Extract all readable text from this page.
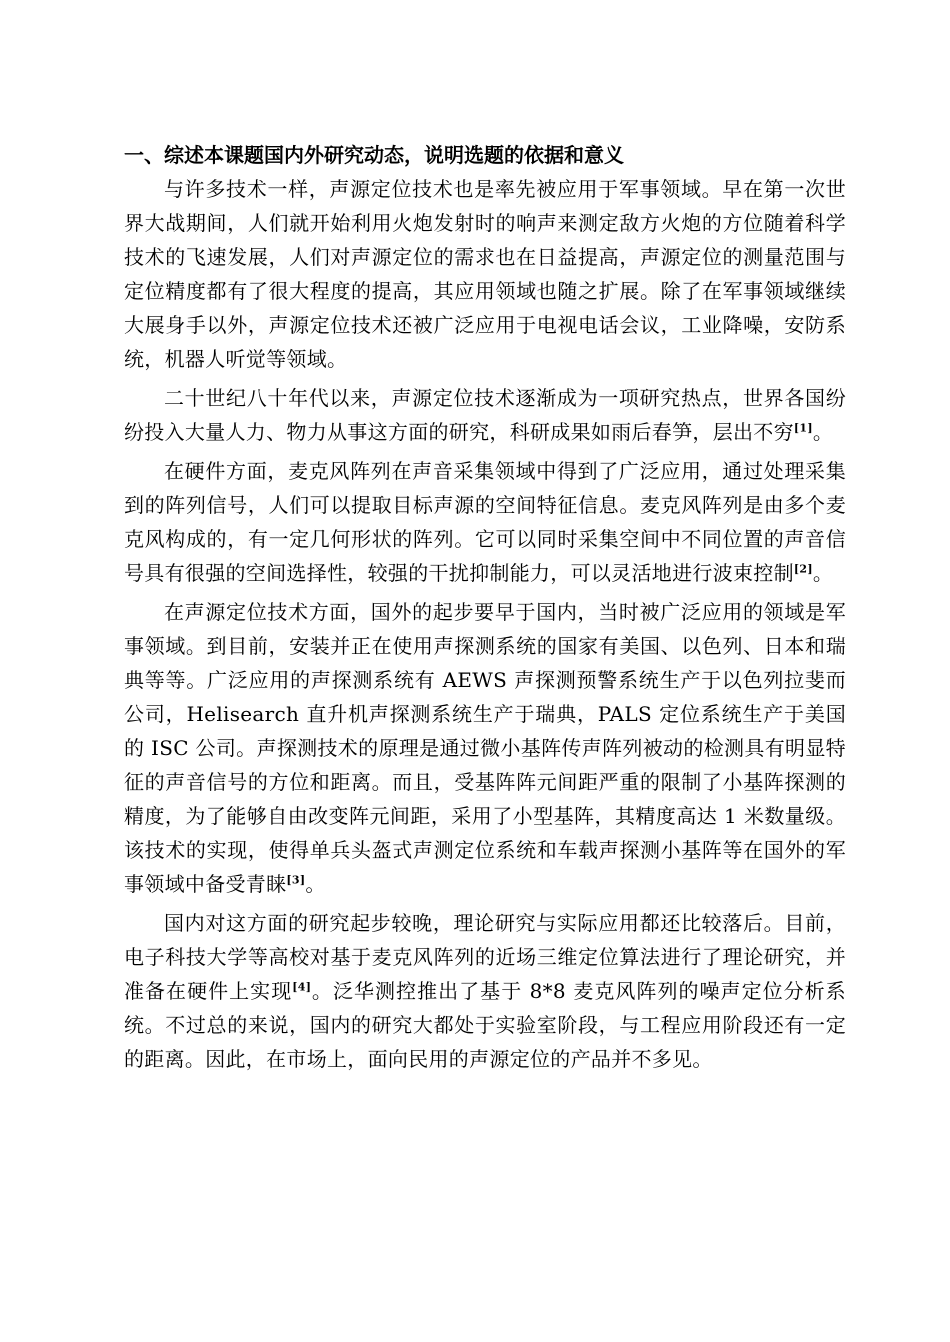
一、综述本课题国内外研究动态，说明选题的依据和意义

与许多技术一样，声源定位技术也是率先被应用于军事领域。早在第一次世界大战期间，人们就开始利用火炮发射时的响声来测定敌方火炮的方位随着科学技术的飞速发展，人们对声源定位的需求也在日益提高，声源定位的测量范围与定位精度都有了很大程度的提高，其应用领域也随之扩展。除了在军事领域继续大展身手以外，声源定位技术还被广泛应用于电视电话会议，工业降噪，安防系统，机器人听觉等领域。

二十世纪八十年代以来，声源定位技术逐渐成为一项研究热点，世界各国纷纷投入大量人力、物力从事这方面的研究，科研成果如雨后春笋，层出不穷[1]。

在硬件方面，麦克风阵列在声音采集领域中得到了广泛应用，通过处理采集到的阵列信号，人们可以提取目标声源的空间特征信息。麦克风阵列是由多个麦克风构成的，有一定几何形状的阵列。它可以同时采集空间中不同位置的声音信号具有很强的空间选择性，较强的干扰抑制能力，可以灵活地进行波束控制[2]。

在声源定位技术方面，国外的起步要早于国内，当时被广泛应用的领域是军事领域。到目前，安装并正在使用声探测系统的国家有美国、以色列、日本和瑞典等等。广泛应用的声探测系统有 AEWS 声探测预警系统生产于以色列拉斐而公司，Helisearch 直升机声探测系统生产于瑞典，PALS 定位系统生产于美国的 ISC 公司。声探测技术的原理是通过微小基阵传声阵列被动的检测具有明显特征的声音信号的方位和距离。而且，受基阵阵元间距严重的限制了小基阵探测的精度，为了能够自由改变阵元间距，采用了小型基阵，其精度高达 1 米数量级。该技术的实现，使得单兵头盔式声测定位系统和车载声探测小基阵等在国外的军事领域中备受青睐[3]。

国内对这方面的研究起步较晚，理论研究与实际应用都还比较落后。目前，电子科技大学等高校对基于麦克风阵列的近场三维定位算法进行了理论研究，并准备在硬件上实现[4]。泛华测控推出了基于 8*8 麦克风阵列的噪声定位分析系统。不过总的来说，国内的研究大都处于实验室阶段，与工程应用阶段还有一定的距离。因此，在市场上，面向民用的声源定位的产品并不多见。
